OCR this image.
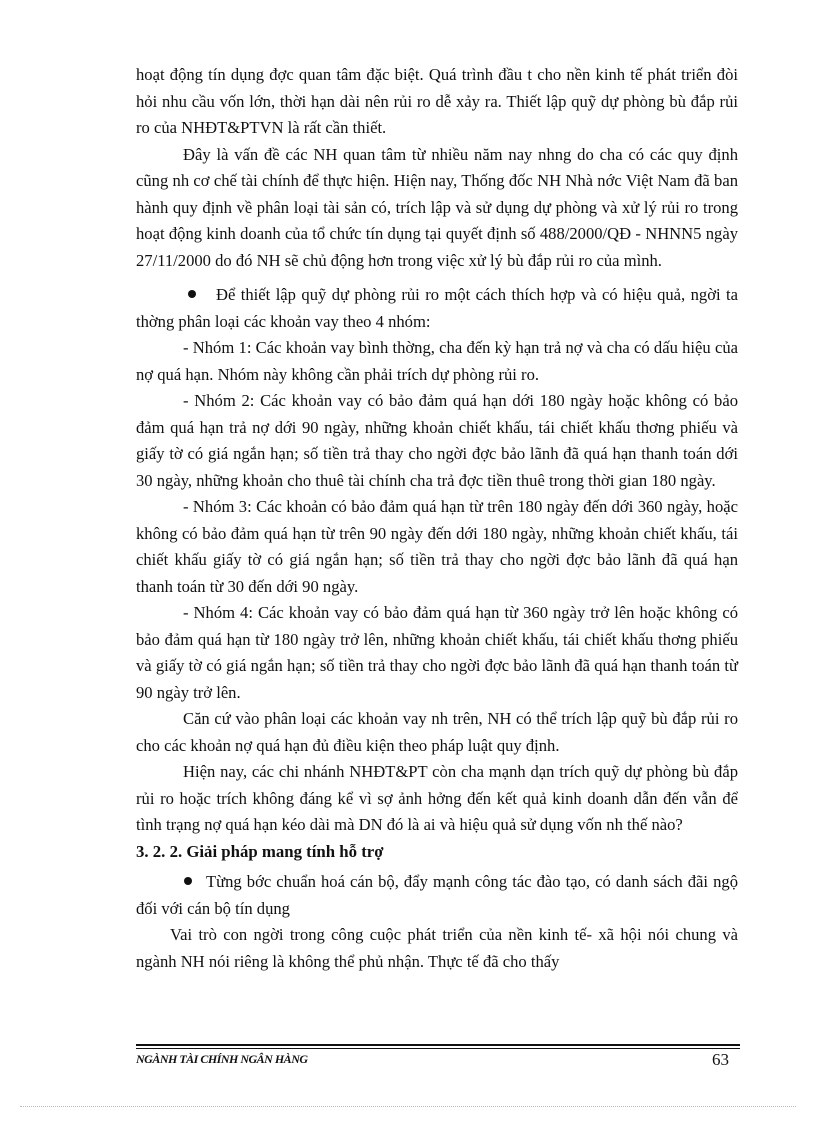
hoạt động tín dụng đợc quan tâm đặc biệt. Quá trình đầu t cho nền kinh tế phát triển đòi hỏi nhu cầu vốn lớn, thời hạn dài nên rủi ro dễ xảy ra. Thiết lập quỹ dự phòng bù đắp rủi ro của NHĐT&PTVN là rất cần thiết.

Đây là vấn đề các NH quan tâm từ nhiều năm nay nhng do cha có các quy định cũng nh cơ chế tài chính để thực hiện. Hiện nay, Thống đốc NH Nhà nớc Việt Nam đã ban hành quy định về phân loại tài sản có, trích lập và sử dụng dự phòng và xử lý rủi ro trong hoạt động kinh doanh của tổ chức tín dụng tại quyết định số 488/2000/QĐ - NHNN5 ngày 27/11/2000 do đó NH sẽ chủ động hơn trong việc xử lý bù đắp rủi ro của mình.

Để thiết lập quỹ dự phòng rủi ro một cách thích hợp và có hiệu quả, ngời ta thờng phân loại các khoản vay theo 4 nhóm:

- Nhóm 1: Các khoản vay bình thờng, cha đến kỳ hạn trả nợ và cha có dấu hiệu của nợ quá hạn. Nhóm này không cần phải trích dự phòng rủi ro.

- Nhóm 2: Các khoản vay có bảo đảm quá hạn dới 180 ngày hoặc không có bảo đảm quá hạn trả nợ dới 90 ngày, những khoản chiết khấu, tái chiết khấu thơng phiếu và giấy tờ có giá ngắn hạn; số tiền trả thay cho ngời đợc bảo lãnh đã quá hạn thanh toán dới 30 ngày, những khoản cho thuê tài chính cha trả đợc tiền thuê trong thời gian 180 ngày.

- Nhóm 3: Các khoản có bảo đảm quá hạn từ trên 180 ngày đến dới 360 ngày, hoặc không có bảo đảm quá hạn từ trên 90 ngày đến dới 180 ngày, những khoản chiết khấu, tái chiết khấu giấy tờ có giá ngắn hạn; số tiền trả thay cho ngời đợc bảo lãnh đã quá hạn thanh toán từ 30 đến dới 90 ngày.

- Nhóm 4: Các khoản vay có bảo đảm quá hạn từ 360 ngày trở lên hoặc không có bảo đảm quá hạn từ 180 ngày trở lên, những khoản chiết khấu, tái chiết khấu thơng phiếu và giấy tờ có giá ngắn hạn; số tiền trả thay cho ngời đợc bảo lãnh đã quá hạn thanh toán từ 90 ngày trở lên.

Căn cứ vào phân loại các khoản vay nh trên, NH có thể trích lập quỹ bù đắp rủi ro cho các khoản nợ quá hạn đủ điều kiện theo pháp luật quy định.

Hiện nay, các chi nhánh NHĐT&PT còn cha mạnh dạn trích quỹ dự phòng bù đắp rủi ro hoặc trích không đáng kể vì sợ ảnh hởng đến kết quả kinh doanh dẫn đến vẫn để tình trạng nợ quá hạn kéo dài mà DN đó là ai và hiệu quả sử dụng vốn nh thế nào?

3. 2. 2. Giải pháp mang tính hỗ trợ

Từng bớc chuẩn hoá cán bộ, đẩy mạnh công tác đào tạo, có danh sách đãi ngộ đối với cán bộ tín dụng

Vai trò con ngời trong công cuộc phát triển của nền kinh tế- xã hội nói chung và ngành NH nói riêng là không thể phủ nhận. Thực tế đã cho thấy

NGÀNH TÀI CHÍNH NGÂN HÀNG	63
